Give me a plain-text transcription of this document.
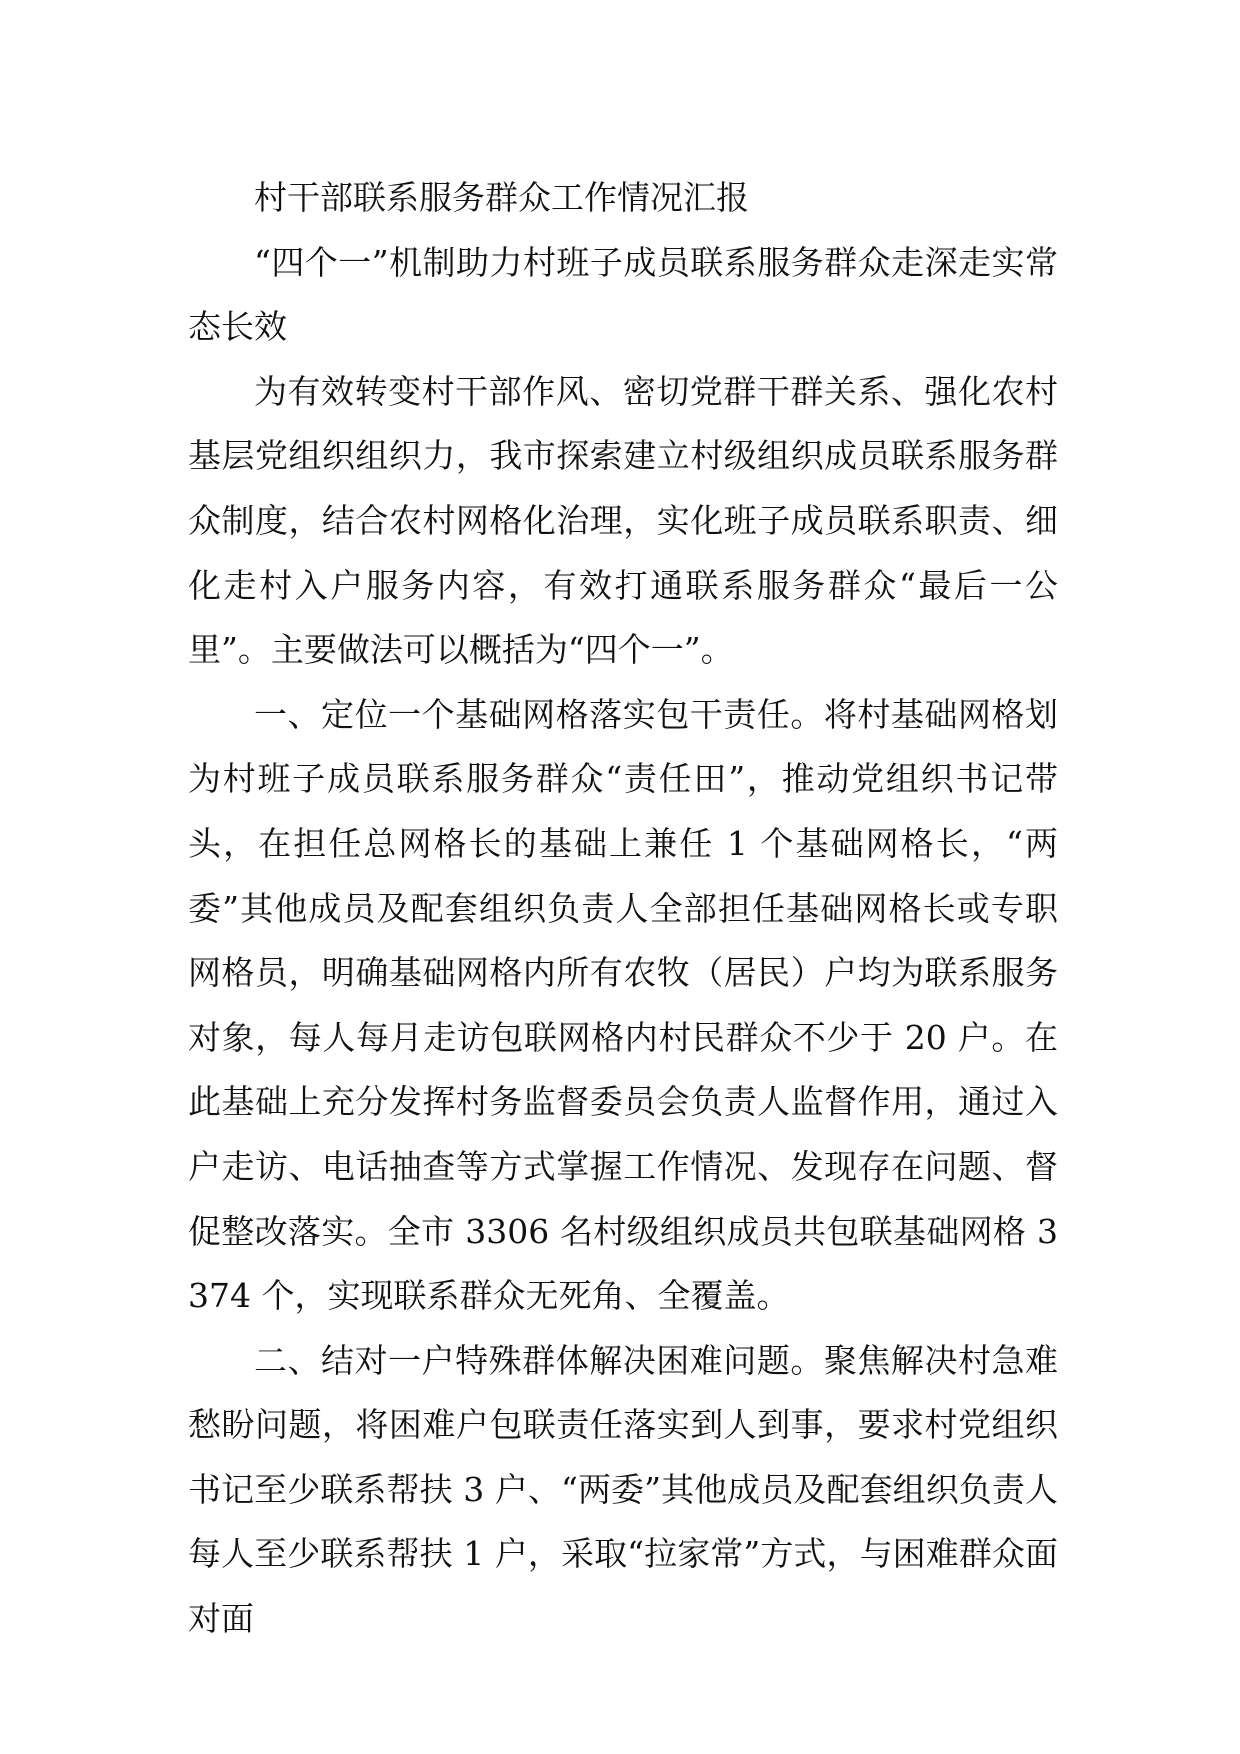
村干部联系服务群众工作情况汇报

“四个一”机制助力村班子成员联系服务群众走深走实常态长效

为有效转变村干部作风、密切党群干群关系、强化农村基层党组织组织力，我市探索建立村级组织成员联系服务群众制度，结合农村网格化治理，实化班子成员联系职责、细化走村入户服务内容，有效打通联系服务群众“最后一公里”。主要做法可以概括为“四个一”。

一、定位一个基础网格落实包干责任。将村基础网格划为村班子成员联系服务群众“责任田”，推动党组织书记带头，在担任总网格长的基础上兼任 1 个基础网格长，“两委”其他成员及配套组织负责人全部担任基础网格长或专职网格员，明确基础网格内所有农牧（居民）户均为联系服务对象，每人每月走访包联网格内村民群众不少于 20 户。在此基础上充分发挥村务监督委员会负责人监督作用，通过入户走访、电话抽查等方式掌握工作情况、发现存在问题、督促整改落实。全市 3306 名村级组织成员共包联基础网格 3374 个，实现联系群众无死角、全覆盖。

二、结对一户特殊群体解决困难问题。聚焦解决村急难愁盼问题，将困难户包联责任落实到人到事，要求村党组织书记至少联系帮扶 3 户、“两委”其他成员及配套组织负责人每人至少联系帮扶 1 户，采取“拉家常”方式，与困难群众面对面
